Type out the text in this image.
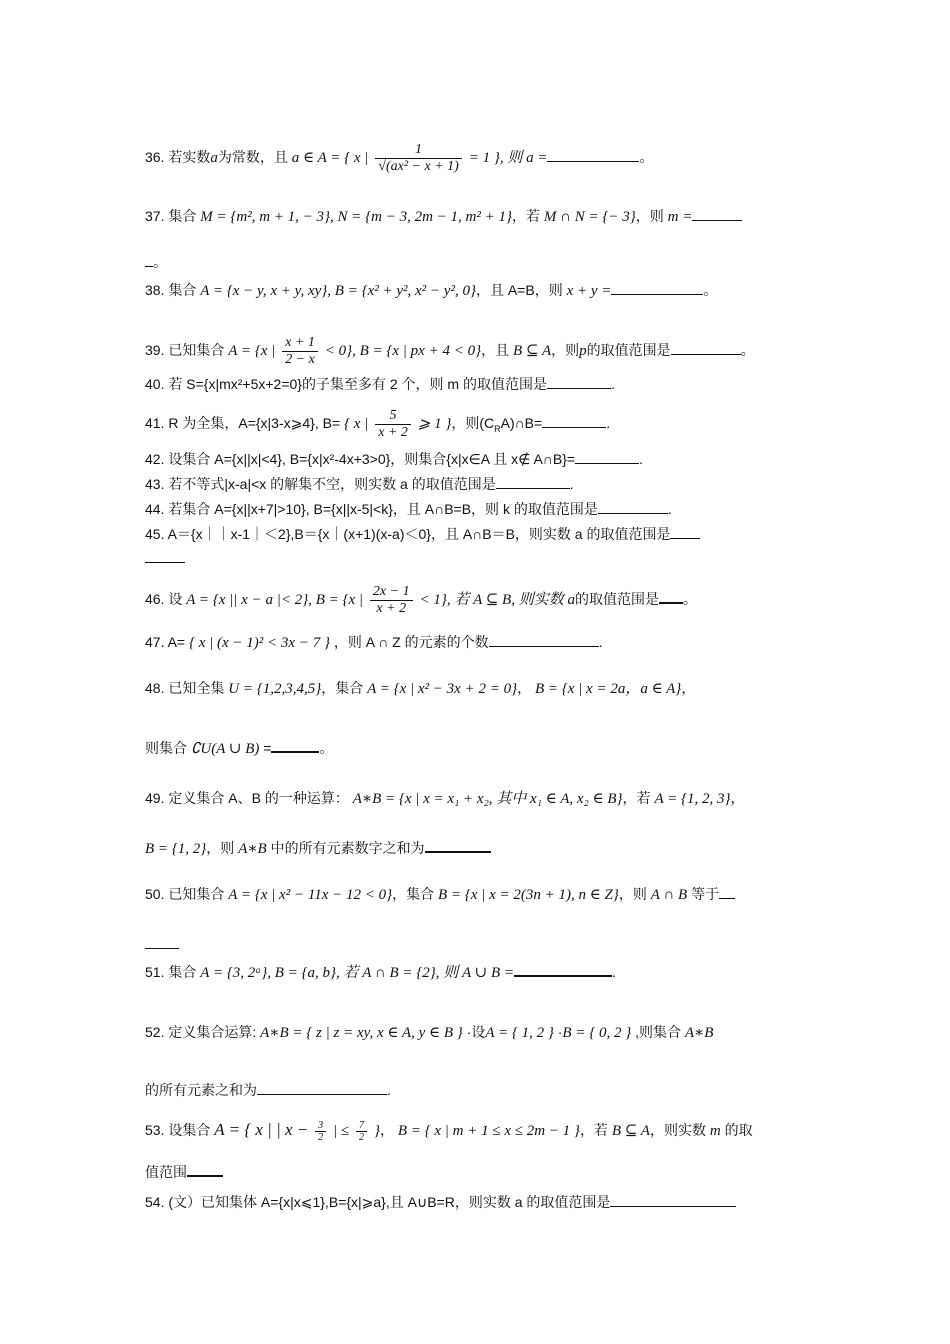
36. 若实数a为常数，且 a ∈ A = { x | $\frac{1}{\text{√(ax² − x + 1)}} = 1$ }, 则 a =	。
37. 集合 M = {m², m + 1, − 3}, N = {m − 3, 2m − 1, m² + 1}，若 M ∩ N = {− 3}，则 m =
。
38. 集合 A = {x − y, x + y, xy}, B = {x² + y², x² − y², 0}，且 A=B，则 x + y =	。
39. 已知集合 A = {x | $\frac{x + 1}{2 - x} < 0$}, B = {x | px + 4 < 0}，且 B ⊆ A，则p的取值范围是	。
40. 若 S={x|mx²+5x+2=0}的子集至多有 2 个，则 m 的取值范围是	.
41. R 为全集，A={x|3-x⩾4}, B= { x | $\frac{5}{x + 2}$ ⩾ 1 }，则$(C_RA)\cap B=$	.
42. 设集合 A={x||x|<4}, B={x|x²-4x+3>0}，则集合{x|x∈A 且 x∉ A∩B}=	.
43. 若不等式|x-a|<x 的解集不空，则实数 a 的取值范围是	.
44. 若集合 A={x||x+7|>10}, B={x||x-5|<k}，且 A∩B=B，则 k 的取值范围是	.
45. A＝{x｜｜x-1｜＜2},B＝{x｜(x+1)(x-a)＜0}，且 A∩B＝B，则实数 a 的取值范围是
46. 设 A = {x || x − a |< 2}, B = {x | $\frac{2x - 1}{x + 2} < 1$}, 若 A ⊆ B, 则实数 a的取值范围是 。
47. A= { x | (x − 1)² < 3x − 7 } ，则 A ∩ Z 的元素的个数	.
48. 已知全集 U = {1,2,3,4,5}，集合 A = {x | x² − 3x + 2 = 0}， B = {x | x = 2a，a ∈ A}，
则集合 ∁U(A ∪ B) =	。
49. 定义集合 A、B 的一种运算： A∗B = {x | x = x₁ + x₂, 其中 x₁ ∈ A, x₂ ∈ B}，若 A = {1, 2, 3}，
B = {1, 2}，则 A∗B 中的所有元素数字之和为
50. 已知集合 A = {x | x² − 11x − 12 < 0}，集合 B = {x | x = 2(3n + 1), n ∈ Z}，则 A ∩ B 等于
51. 集合 A = {3, 2ᵃ}, B = {a, b}, 若 A ∩ B = {2}, 则 A ∪ B =	.
52. 定义集合运算: A∗B = { z | z = xy, x ∈ A, y ∈ B } ·设A = { 1, 2 } ·B = { 0, 2 } ,则集合 A∗B
的所有元素之和为	.
53. 设集合 A = { x | | $x - \frac{3}{2}$ | ≤ $\frac{7}{2}$ }， B = { x | m + 1 ≤ x ≤ 2m − 1 }，若 B ⊆ A，则实数 m 的取
值范围
54. (文）已知集体 A={x|x⩽1},B={x|⩾a},且 A∪B=R，则实数 a 的取值范围是
